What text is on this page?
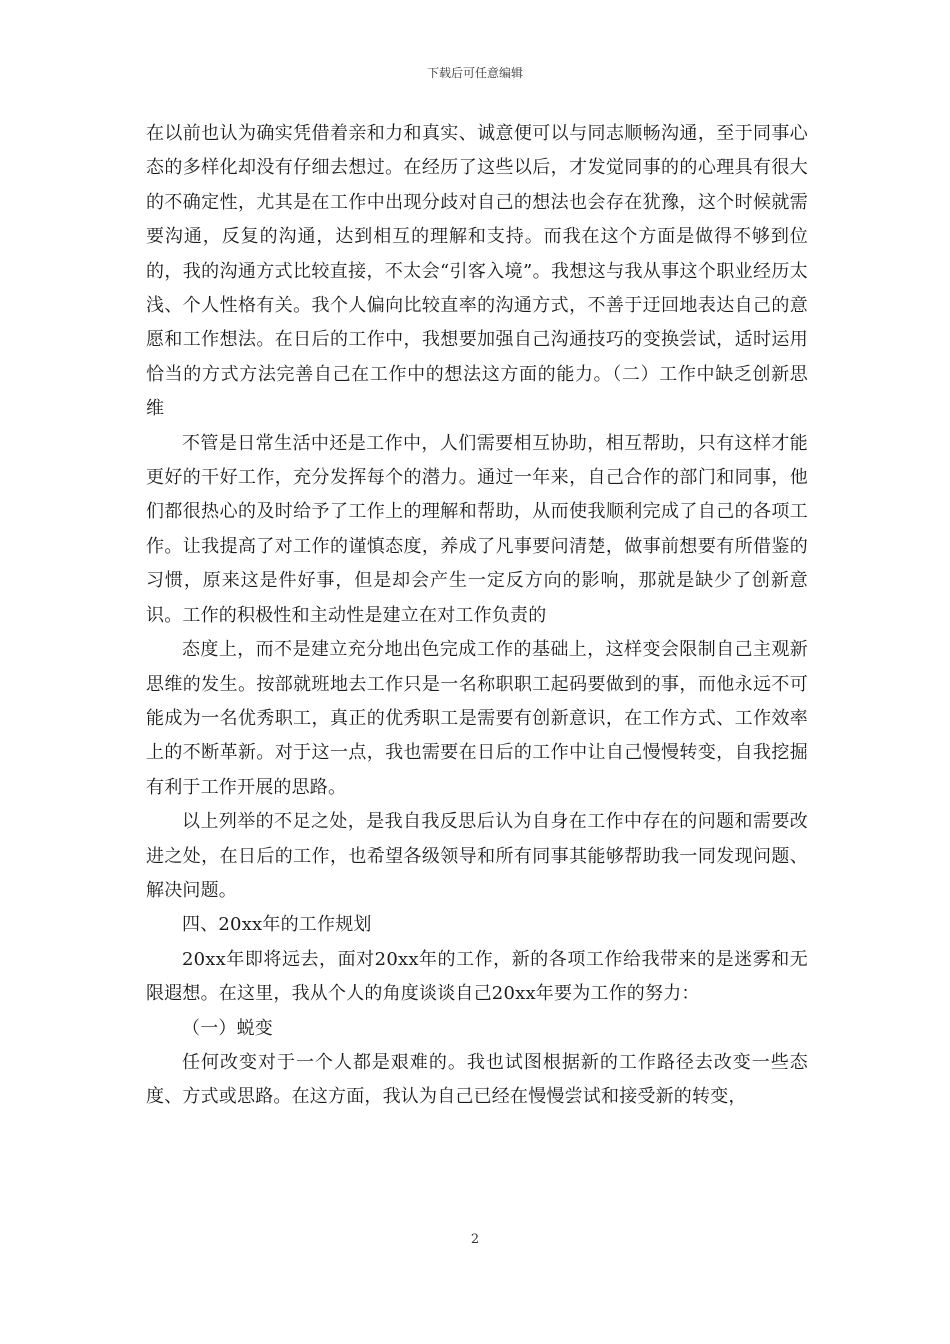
下载后可任意编辑

在以前也认为确实凭借着亲和力和真实、诚意便可以与同志顺畅沟通，至于同事心态的多样化却没有仔细去想过。在经历了这些以后，才发觉同事的的心理具有很大的不确定性，尤其是在工作中出现分歧对自己的想法也会存在犹豫，这个时候就需要沟通，反复的沟通，达到相互的理解和支持。而我在这个方面是做得不够到位的，我的沟通方式比较直接，不太会“引客入境”。我想这与我从事这个职业经历太浅、个人性格有关。我个人偏向比较直率的沟通方式，不善于迂回地表达自己的意愿和工作想法。在日后的工作中，我想要加强自己沟通技巧的变换尝试，适时运用恰当的方式方法完善自己在工作中的想法这方面的能力。（二）工作中缺乏创新思维

不管是日常生活中还是工作中，人们需要相互协助，相互帮助，只有这样才能更好的干好工作，充分发挥每个的潜力。通过一年来，自己合作的部门和同事，他们都很热心的及时给予了工作上的理解和帮助，从而使我顺利完成了自己的各项工作。让我提高了对工作的谨慎态度，养成了凡事要问清楚，做事前想要有所借鉴的习惯，原来这是件好事，但是却会产生一定反方向的影响，那就是缺少了创新意识。工作的积极性和主动性是建立在对工作负责的

态度上，而不是建立充分地出色完成工作的基础上，这样变会限制自己主观新思维的发生。按部就班地去工作只是一名称职职工起码要做到的事，而他永远不可能成为一名优秀职工，真正的优秀职工是需要有创新意识，在工作方式、工作效率上的不断革新。对于这一点，我也需要在日后的工作中让自己慢慢转变，自我挖掘有利于工作开展的思路。

以上列举的不足之处，是我自我反思后认为自身在工作中存在的问题和需要改进之处，在日后的工作，也希望各级领导和所有同事其能够帮助我一同发现问题、解决问题。

四、20xx年的工作规划

20xx年即将远去，面对20xx年的工作，新的各项工作给我带来的是迷雾和无限遐想。在这里，我从个人的角度谈谈自己20xx年要为工作的努力：

（一）蜕变

任何改变对于一个人都是艰难的。我也试图根据新的工作路径去改变一些态度、方式或思路。在这方面，我认为自己已经在慢慢尝试和接受新的转变，

2
